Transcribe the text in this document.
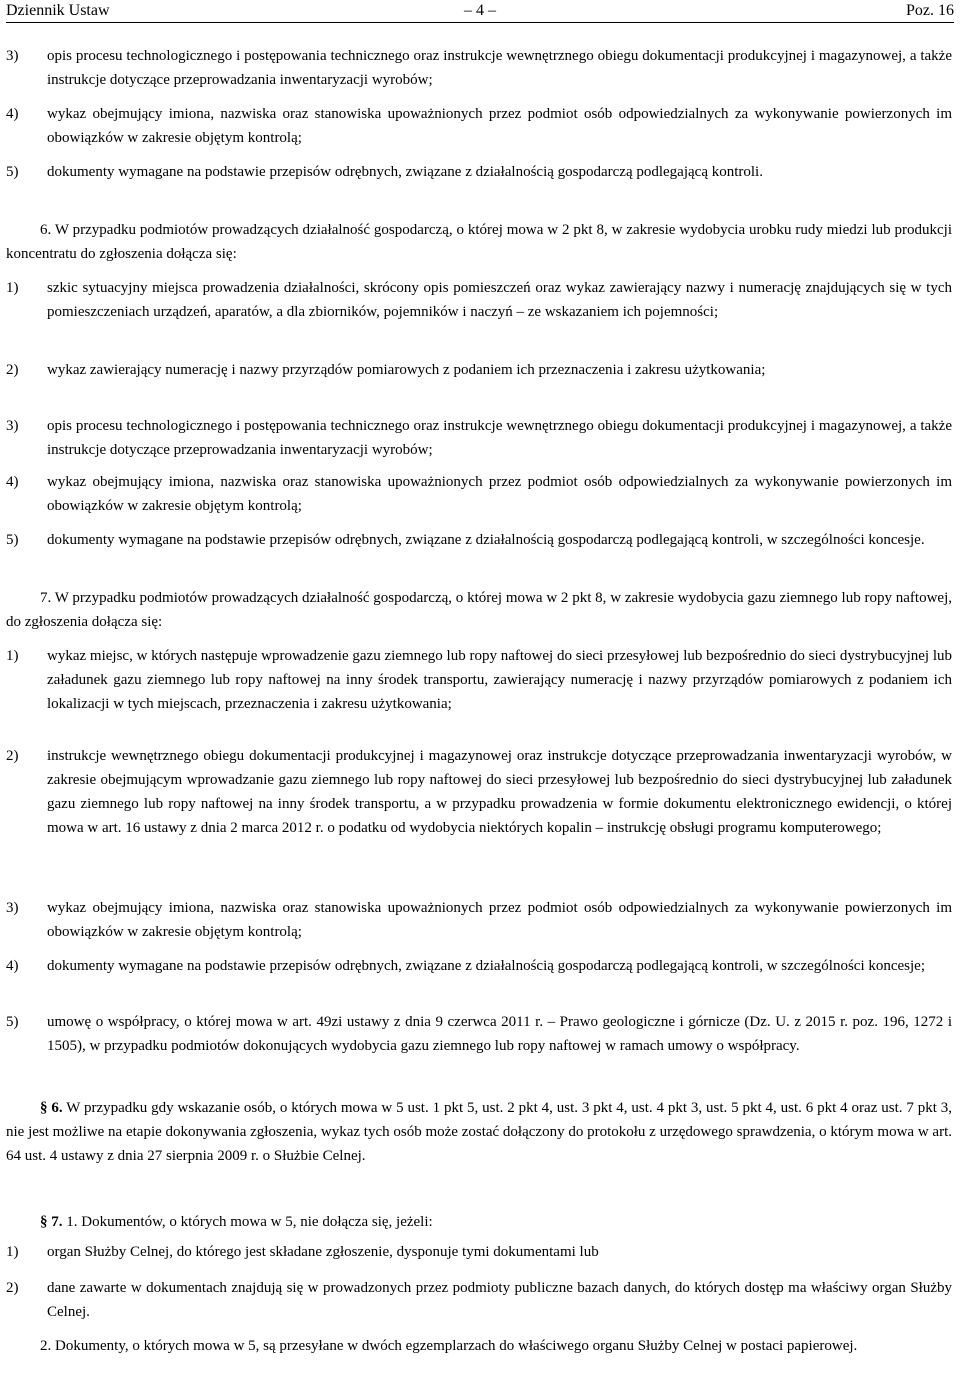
Dziennik Ustaw	– 4 –	Poz. 16
3) opis procesu technologicznego i postępowania technicznego oraz instrukcje wewnętrznego obiegu dokumentacji produkcyjnej i magazynowej, a także instrukcje dotyczące przeprowadzania inwentaryzacji wyrobów;
4) wykaz obejmujący imiona, nazwiska oraz stanowiska upoważnionych przez podmiot osób odpowiedzialnych za wykonywanie powierzonych im obowiązków w zakresie objętym kontrolą;
5) dokumenty wymagane na podstawie przepisów odrębnych, związane z działalnością gospodarczą podlegającą kontroli.
6. W przypadku podmiotów prowadzących działalność gospodarczą, o której mowa w 2 pkt 8, w zakresie wydobycia urobku rudy miedzi lub produkcji koncentratu do zgłoszenia dołącza się:
1) szkic sytuacyjny miejsca prowadzenia działalności, skrócony opis pomieszczeń oraz wykaz zawierający nazwy i numerację znajdujących się w tych pomieszczeniach urządzeń, aparatów, a dla zbiorników, pojemników i naczyń – ze wskazaniem ich pojemności;
2) wykaz zawierający numerację i nazwy przyrządów pomiarowych z podaniem ich przeznaczenia i zakresu użytkowania;
3) opis procesu technologicznego i postępowania technicznego oraz instrukcje wewnętrznego obiegu dokumentacji produkcyjnej i magazynowej, a także instrukcje dotyczące przeprowadzania inwentaryzacji wyrobów;
4) wykaz obejmujący imiona, nazwiska oraz stanowiska upoważnionych przez podmiot osób odpowiedzialnych za wykonywanie powierzonych im obowiązków w zakresie objętym kontrolą;
5) dokumenty wymagane na podstawie przepisów odrębnych, związane z działalnością gospodarczą podlegającą kontroli, w szczególności koncesje.
7. W przypadku podmiotów prowadzących działalność gospodarczą, o której mowa w 2 pkt 8, w zakresie wydobycia gazu ziemnego lub ropy naftowej, do zgłoszenia dołącza się:
1) wykaz miejsc, w których następuje wprowadzenie gazu ziemnego lub ropy naftowej do sieci przesyłowej lub bezpośrednio do sieci dystrybucyjnej lub załadunek gazu ziemnego lub ropy naftowej na inny środek transportu, zawierający numerację i nazwy przyrządów pomiarowych z podaniem ich lokalizacji w tych miejscach, przeznaczenia i zakresu użytkowania;
2) instrukcje wewnętrznego obiegu dokumentacji produkcyjnej i magazynowej oraz instrukcje dotyczące przeprowadzania inwentaryzacji wyrobów, w zakresie obejmującym wprowadzanie gazu ziemnego lub ropy naftowej do sieci przesyłowej lub bezpośrednio do sieci dystrybucyjnej lub załadunek gazu ziemnego lub ropy naftowej na inny środek transportu, a w przypadku prowadzenia w formie dokumentu elektronicznego ewidencji, o której mowa w art. 16 ustawy z dnia 2 marca 2012 r. o podatku od wydobycia niektórych kopalin – instrukcję obsługi programu komputerowego;
3) wykaz obejmujący imiona, nazwiska oraz stanowiska upoważnionych przez podmiot osób odpowiedzialnych za wykonywanie powierzonych im obowiązków w zakresie objętym kontrolą;
4) dokumenty wymagane na podstawie przepisów odrębnych, związane z działalnością gospodarczą podlegającą kontroli, w szczególności koncesje;
5) umowę o współpracy, o której mowa w art. 49zi ustawy z dnia 9 czerwca 2011 r. – Prawo geologiczne i górnicze (Dz. U. z 2015 r. poz. 196, 1272 i 1505), w przypadku podmiotów dokonujących wydobycia gazu ziemnego lub ropy naftowej w ramach umowy o współpracy.
§ 6. W przypadku gdy wskazanie osób, o których mowa w 5 ust. 1 pkt 5, ust. 2 pkt 4, ust. 3 pkt 4, ust. 4 pkt 3, ust. 5 pkt 4, ust. 6 pkt 4 oraz ust. 7 pkt 3, nie jest możliwe na etapie dokonywania zgłoszenia, wykaz tych osób może zostać dołączony do protokołu z urzędowego sprawdzenia, o którym mowa w art. 64 ust. 4 ustawy z dnia 27 sierpnia 2009 r. o Służbie Celnej.
§ 7. 1. Dokumentów, o których mowa w 5, nie dołącza się, jeżeli:
1) organ Służby Celnej, do którego jest składane zgłoszenie, dysponuje tymi dokumentami lub
2) dane zawarte w dokumentach znajdują się w prowadzonych przez podmioty publiczne bazach danych, do których dostęp ma właściwy organ Służby Celnej.
2. Dokumenty, o których mowa w 5, są przesyłane w dwóch egzemplarzach do właściwego organu Służby Celnej w postaci papierowej.
